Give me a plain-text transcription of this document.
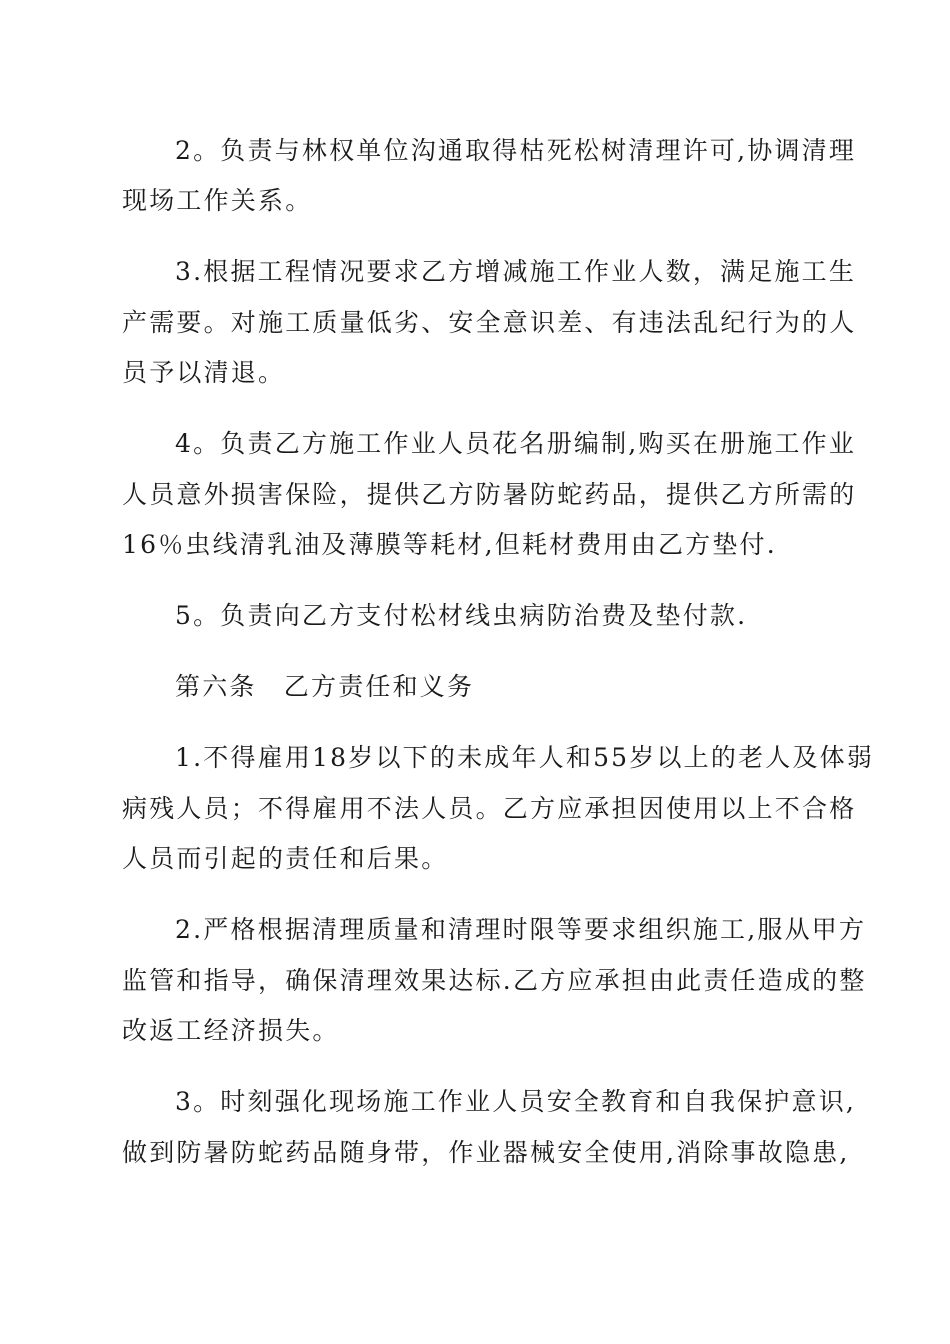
2。负责与林权单位沟通取得枯死松树清理许可,协调清理
现场工作关系。
3.根据工程情况要求乙方增减施工作业人数，满足施工生
产需要。对施工质量低劣、安全意识差、有违法乱纪行为的人
员予以清退。
4。负责乙方施工作业人员花名册编制,购买在册施工作业
人员意外损害保险，提供乙方防暑防蛇药品，提供乙方所需的
16％虫线清乳油及薄膜等耗材,但耗材费用由乙方垫付.
5。负责向乙方支付松材线虫病防治费及垫付款.
第六条　乙方责任和义务
1.不得雇用18岁以下的未成年人和55岁以上的老人及体弱
病残人员；不得雇用不法人员。乙方应承担因使用以上不合格
人员而引起的责任和后果。
2.严格根据清理质量和清理时限等要求组织施工,服从甲方
监管和指导，确保清理效果达标.乙方应承担由此责任造成的整
改返工经济损失。
3。时刻强化现场施工作业人员安全教育和自我保护意识,
做到防暑防蛇药品随身带，作业器械安全使用,消除事故隐患,
